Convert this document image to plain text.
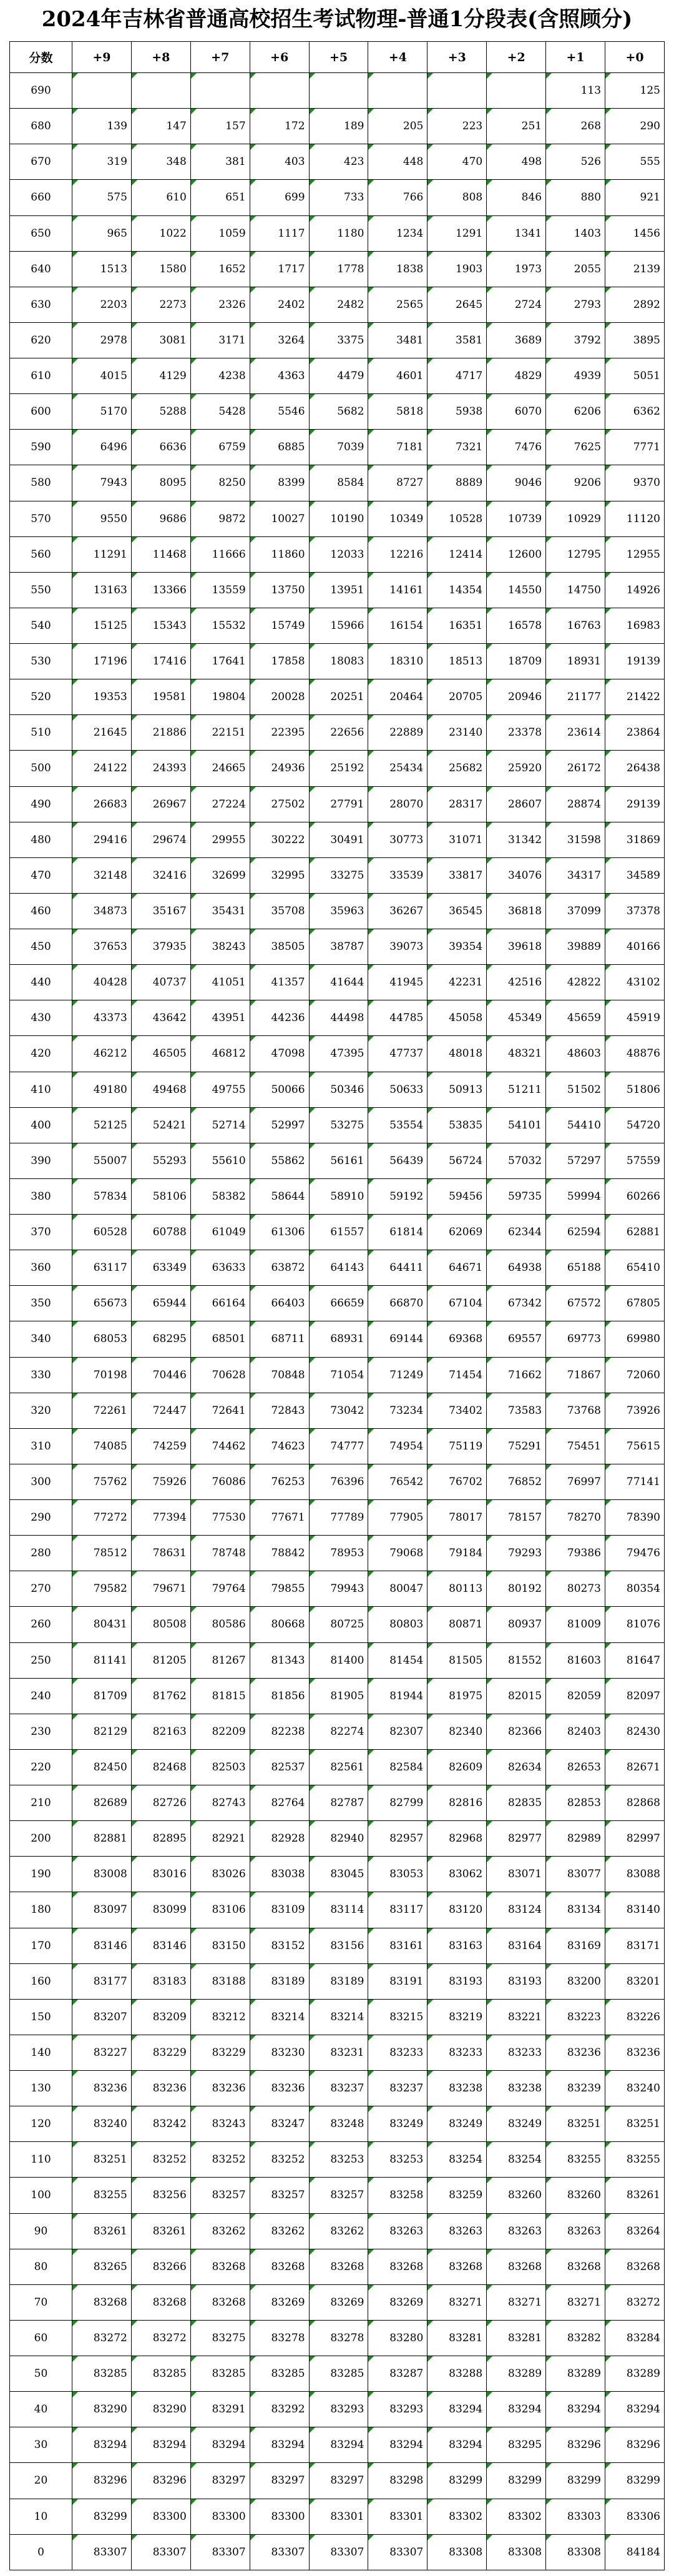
2024年吉林省普通高校招生考试物理-普通1分段表(含照顾分)
分数	+9	+8	+7	+6	+5	+4	+3	+2	+1	+0
690									113	125
680	139	147	157	172	189	205	223	251	268	290
670	319	348	381	403	423	448	470	498	526	555
660	575	610	651	699	733	766	808	846	880	921
650	965	1022	1059	1117	1180	1234	1291	1341	1403	1456
640	1513	1580	1652	1717	1778	1838	1903	1973	2055	2139
630	2203	2273	2326	2402	2482	2565	2645	2724	2793	2892
620	2978	3081	3171	3264	3375	3481	3581	3689	3792	3895
610	4015	4129	4238	4363	4479	4601	4717	4829	4939	5051
600	5170	5288	5428	5546	5682	5818	5938	6070	6206	6362
590	6496	6636	6759	6885	7039	7181	7321	7476	7625	7771
580	7943	8095	8250	8399	8584	8727	8889	9046	9206	9370
570	9550	9686	9872	10027	10190	10349	10528	10739	10929	11120
560	11291	11468	11666	11860	12033	12216	12414	12600	12795	12955
550	13163	13366	13559	13750	13951	14161	14354	14550	14750	14926
540	15125	15343	15532	15749	15966	16154	16351	16578	16763	16983
530	17196	17416	17641	17858	18083	18310	18513	18709	18931	19139
520	19353	19581	19804	20028	20251	20464	20705	20946	21177	21422
510	21645	21886	22151	22395	22656	22889	23140	23378	23614	23864
500	24122	24393	24665	24936	25192	25434	25682	25920	26172	26438
490	26683	26967	27224	27502	27791	28070	28317	28607	28874	29139
480	29416	29674	29955	30222	30491	30773	31071	31342	31598	31869
470	32148	32416	32699	32995	33275	33539	33817	34076	34317	34589
460	34873	35167	35431	35708	35963	36267	36545	36818	37099	37378
450	37653	37935	38243	38505	38787	39073	39354	39618	39889	40166
440	40428	40737	41051	41357	41644	41945	42231	42516	42822	43102
430	43373	43642	43951	44236	44498	44785	45058	45349	45659	45919
420	46212	46505	46812	47098	47395	47737	48018	48321	48603	48876
410	49180	49468	49755	50066	50346	50633	50913	51211	51502	51806
400	52125	52421	52714	52997	53275	53554	53835	54101	54410	54720
390	55007	55293	55610	55862	56161	56439	56724	57032	57297	57559
380	57834	58106	58382	58644	58910	59192	59456	59735	59994	60266
370	60528	60788	61049	61306	61557	61814	62069	62344	62594	62881
360	63117	63349	63633	63872	64143	64411	64671	64938	65188	65410
350	65673	65944	66164	66403	66659	66870	67104	67342	67572	67805
340	68053	68295	68501	68711	68931	69144	69368	69557	69773	69980
330	70198	70446	70628	70848	71054	71249	71454	71662	71867	72060
320	72261	72447	72641	72843	73042	73234	73402	73583	73768	73926
310	74085	74259	74462	74623	74777	74954	75119	75291	75451	75615
300	75762	75926	76086	76253	76396	76542	76702	76852	76997	77141
290	77272	77394	77530	77671	77789	77905	78017	78157	78270	78390
280	78512	78631	78748	78842	78953	79068	79184	79293	79386	79476
270	79582	79671	79764	79855	79943	80047	80113	80192	80273	80354
260	80431	80508	80586	80668	80725	80803	80871	80937	81009	81076
250	81141	81205	81267	81343	81400	81454	81505	81552	81603	81647
240	81709	81762	81815	81856	81905	81944	81975	82015	82059	82097
230	82129	82163	82209	82238	82274	82307	82340	82366	82403	82430
220	82450	82468	82503	82537	82561	82584	82609	82634	82653	82671
210	82689	82726	82743	82764	82787	82799	82816	82835	82853	82868
200	82881	82895	82921	82928	82940	82957	82968	82977	82989	82997
190	83008	83016	83026	83038	83045	83053	83062	83071	83077	83088
180	83097	83099	83106	83109	83114	83117	83120	83124	83134	83140
170	83146	83146	83150	83152	83156	83161	83163	83164	83169	83171
160	83177	83183	83188	83189	83189	83191	83193	83193	83200	83201
150	83207	83209	83212	83214	83214	83215	83219	83221	83223	83226
140	83227	83229	83229	83230	83231	83233	83233	83233	83236	83236
130	83236	83236	83236	83236	83237	83237	83238	83238	83239	83240
120	83240	83242	83243	83247	83248	83249	83249	83249	83251	83251
110	83251	83252	83252	83252	83253	83253	83254	83254	83255	83255
100	83255	83256	83257	83257	83257	83258	83259	83260	83260	83261
90	83261	83261	83262	83262	83262	83263	83263	83263	83263	83264
80	83265	83266	83268	83268	83268	83268	83268	83268	83268	83268
70	83268	83268	83268	83269	83269	83269	83271	83271	83271	83272
60	83272	83272	83275	83278	83278	83280	83281	83281	83282	83284
50	83285	83285	83285	83285	83285	83287	83288	83289	83289	83289
40	83290	83290	83291	83292	83293	83293	83294	83294	83294	83294
30	83294	83294	83294	83294	83294	83294	83294	83295	83296	83296
20	83296	83296	83297	83297	83297	83298	83299	83299	83299	83299
10	83299	83300	83300	83300	83301	83301	83302	83302	83303	83306
0	83307	83307	83307	83307	83307	83307	83308	83308	83308	84184
